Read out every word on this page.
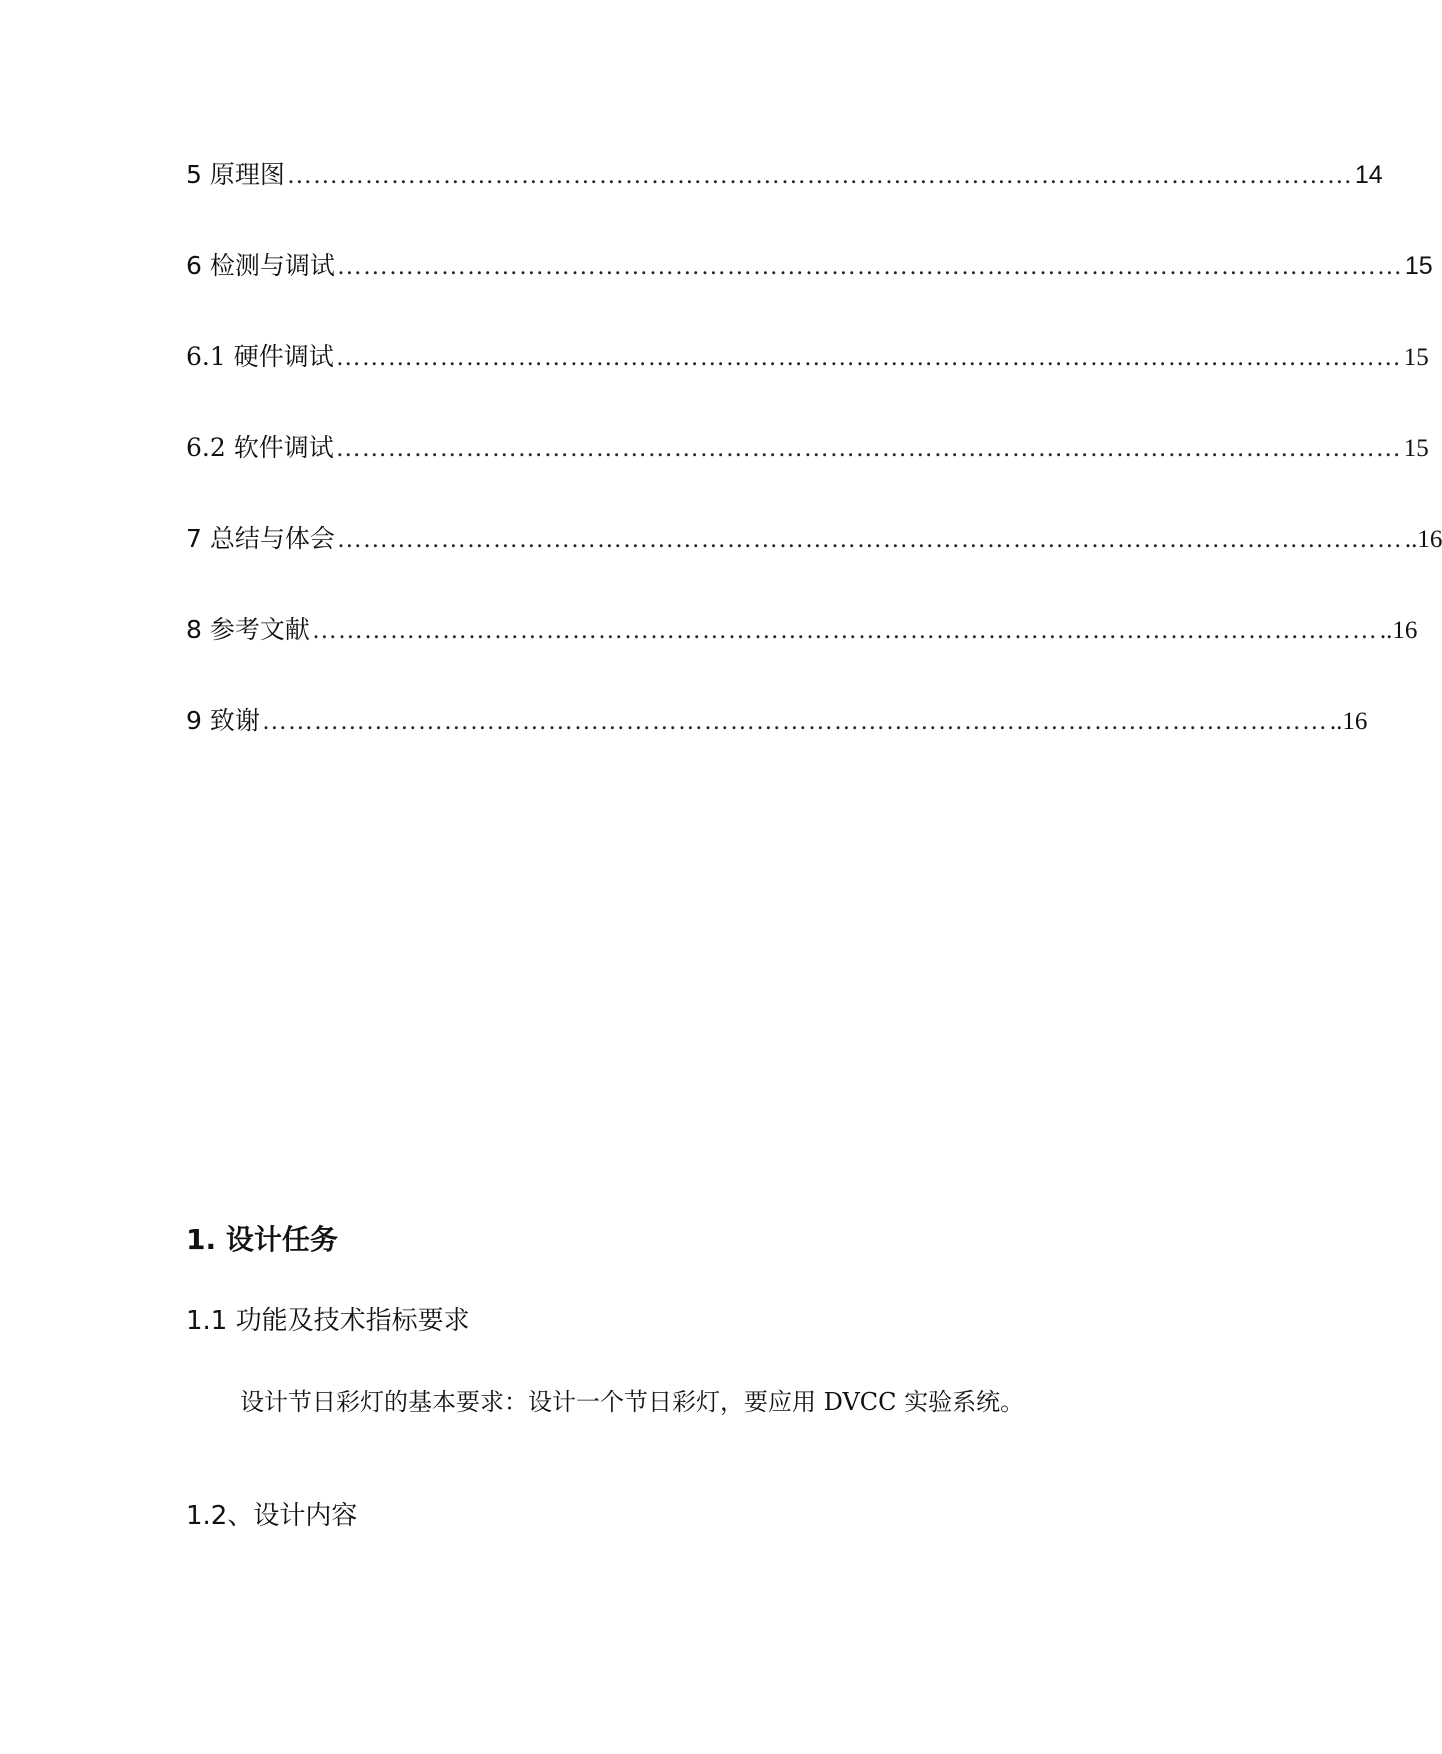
5 原理图 …………………………………………………………………………………………………………… 14
6 检测与调试 …………………………………………………………………………………………………………… 15
6.1 硬件调试 …………………………………………………………………………………………………………… 15
6.2 软件调试 …………………………………………………………………………………………………………… 15
7 总结与体会 …………………………………………………………………………………………………………… ..16
8 参考文献 …………………………………………………………………………………………………………… ..16
9 致谢 …………………………………………………………………………………………………………… ..16
1. 设计任务
1.1 功能及技术指标要求

设计节日彩灯的基本要求：设计一个节日彩灯，要应用 DVCC 实验系统。

1.2、设计内容
